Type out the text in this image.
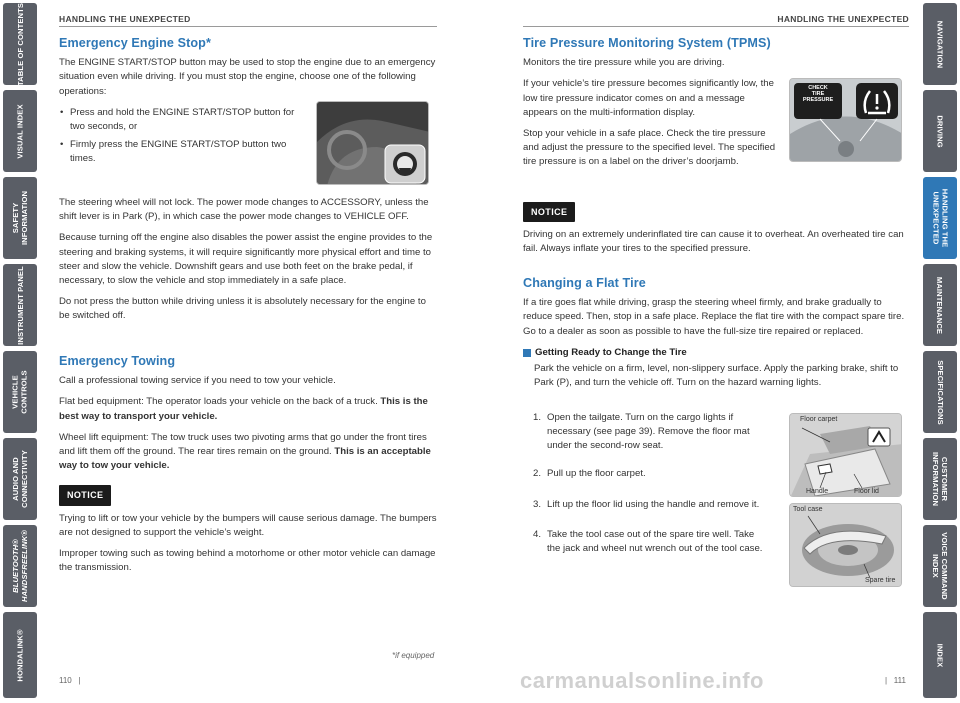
TABLE OF CONTENTS
VISUAL INDEX
SAFETY
INFORMATION
INSTRUMENT PANEL
VEHICLE
CONTROLS
AUDIO AND
CONNECTIVITY
BLUETOOTH®
HANDSFREELINK®
HONDALINK®
NAVIGATION
DRIVING
HANDLING THE
UNEXPECTED
MAINTENANCE
SPECIFICATIONS
CUSTOMER
INFORMATION
VOICE COMMAND
INDEX
INDEX
HANDLING THE UNEXPECTED	HANDLING THE UNEXPECTED
Emergency Engine Stop*

The ENGINE START/STOP button may be used to stop the engine due to an emergency situation even while driving. If you must stop the engine, choose one of the following operations:

• Press and hold the ENGINE START/STOP button for two seconds, or
• Firmly press the ENGINE START/STOP button two times.

The steering wheel will not lock. The power mode changes to ACCESSORY, unless the shift lever is in Park (P), in which case the power mode changes to VEHICLE OFF.

Because turning off the engine also disables the power assist the engine provides to the steering and braking systems, it will require significantly more physical effort and time to steer and slow the vehicle. Downshift gears and use both feet on the brake pedal, if necessary, to slow the vehicle and stop immediately in a safe place.

Do not press the button while driving unless it is absolutely necessary for the engine to be switched off.

Emergency Towing

Call a professional towing service if you need to tow your vehicle.

Flat bed equipment: The operator loads your vehicle on the back of a truck. This is the best way to transport your vehicle.

Wheel lift equipment: The tow truck uses two pivoting arms that go under the front tires and lift them off the ground. The rear tires remain on the ground. This is an acceptable way to tow your vehicle.

NOTICE

Trying to lift or tow your vehicle by the bumpers will cause serious damage. The bumpers are not designed to support the vehicle’s weight.

Improper towing such as towing behind a motorhome or other motor vehicle can damage the transmission.

*if equipped
110   |
Tire Pressure Monitoring System (TPMS)

Monitors the tire pressure while you are driving.

If your vehicle’s tire pressure becomes significantly low, the low tire pressure indicator comes on and a message appears on the multi-information display.

Stop your vehicle in a safe place. Check the tire pressure and adjust the pressure to the specified level. The specified tire pressure is on a label on the driver’s doorjamb.

CHECK
TIRE
PRESSURE
NOTICE

Driving on an extremely underinflated tire can cause it to overheat. An overheated tire can fail. Always inflate your tires to the specified pressure.

Changing a Flat Tire

If a tire goes flat while driving, grasp the steering wheel firmly, and brake gradually to reduce speed. Then, stop in a safe place. Replace the flat tire with the compact spare tire. Go to a dealer as soon as possible to have the full-size tire repaired or replaced.

Getting Ready to Change the Tire

Park the vehicle on a firm, level, non-slippery surface. Apply the parking brake, shift to Park (P), and turn the vehicle off. Turn on the hazard warning lights.

1. Open the tailgate. Turn on the cargo lights if necessary (see page 39). Remove the floor mat under the second-row seat.
2. Pull up the floor carpet.
3. Lift up the floor lid using the handle and remove it.
4. Take the tool case out of the spare tire well. Take the jack and wheel nut wrench out of the tool case.
Floor carpet
Handle	Floor lid
Tool case
Spare tire
|   111
carmanualsonline.info
